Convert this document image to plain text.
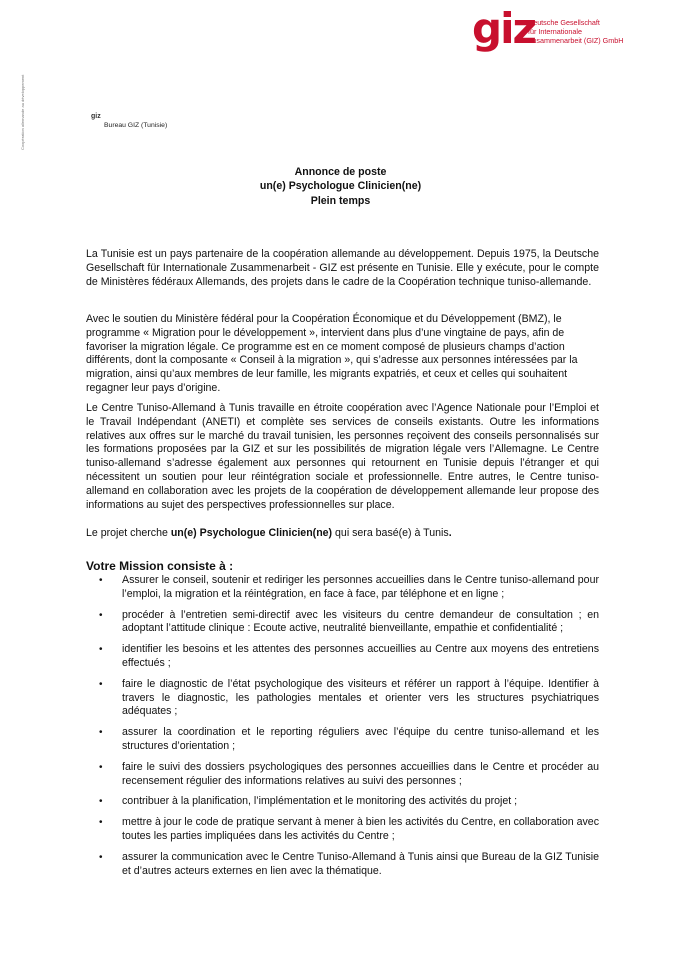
Coopération allemande au développement
giz
Deutsche Gesellschaft
für Internationale
Zusammenarbeit (GIZ) GmbH
giz
Bureau GIZ (Tunisie)
Annonce de poste
un(e) Psychologue Clinicien(ne)
Plein temps

La Tunisie est un pays partenaire de la coopération allemande au développement. Depuis 1975, la Deutsche Gesellschaft für Internationale Zusammenarbeit - GIZ est présente en Tunisie. Elle y exécute, pour le compte de Ministères fédéraux Allemands, des projets dans le cadre de la Coopération technique tuniso-allemande.

Avec le soutien du Ministère fédéral pour la Coopération Économique et du Développement (BMZ), le programme « Migration pour le développement », intervient dans plus d’une vingtaine de pays, afin de favoriser la migration légale. Ce programme est en ce moment composé de plusieurs champs d’action différents, dont la composante « Conseil à la migration », qui s’adresse aux personnes intéressées par la migration, ainsi qu’aux membres de leur famille, les migrants expatriés, et ceux et celles qui souhaitent regagner leur pays d’origine.

Le Centre Tuniso-Allemand à Tunis travaille en étroite coopération avec l’Agence Nationale pour l’Emploi et le Travail Indépendant (ANETI) et complète ses services de conseils existants. Outre les informations relatives aux offres sur le marché du travail tunisien, les personnes reçoivent des conseils personnalisés sur les formations proposées par la GIZ et sur les possibilités de migration légale vers l’Allemagne. Le Centre tuniso-allemand s’adresse également aux personnes qui retournent en Tunisie depuis l’étranger et qui nécessitent un soutien pour leur réintégration sociale et professionnelle. Entre autres, le Centre tuniso-allemand en collaboration avec les projets de la coopération de développement allemande leur propose des informations au sujet des perspectives professionnelles sur place.

Le projet cherche un(e) Psychologue Clinicien(ne) qui sera basé(e) à Tunis.

Votre Mission consiste à :
• Assurer le conseil, soutenir et rediriger les personnes accueillies dans le Centre tuniso-allemand pour l’emploi, la migration et la réintégration, en face à face, par téléphone et en ligne ;
• procéder à l’entretien semi-directif avec les visiteurs du centre demandeur de consultation ; en adoptant l’attitude clinique : Ecoute active, neutralité bienveillante, empathie et confidentialité ;
• identifier les besoins et les attentes des personnes accueillies au Centre aux moyens des entretiens effectués ;
• faire le diagnostic de l’état psychologique des visiteurs et référer un rapport à l’équipe. Identifier à travers le diagnostic, les pathologies mentales et orienter vers les structures psychiatriques adéquates ;
• assurer la coordination et le reporting réguliers avec l’équipe du centre tuniso-allemand et les structures d’orientation ;
• faire le suivi des dossiers psychologiques des personnes accueillies dans le Centre et procéder au recensement régulier des informations relatives au suivi des personnes ;
• contribuer à la planification, l’implémentation et le monitoring des activités du projet ;
• mettre à jour le code de pratique servant à mener à bien les activités du Centre, en collaboration avec toutes les parties impliquées dans les activités du Centre ;
• assurer la communication avec le Centre Tuniso-Allemand à Tunis ainsi que Bureau de la GIZ Tunisie et d’autres acteurs externes en lien avec la thématique.
